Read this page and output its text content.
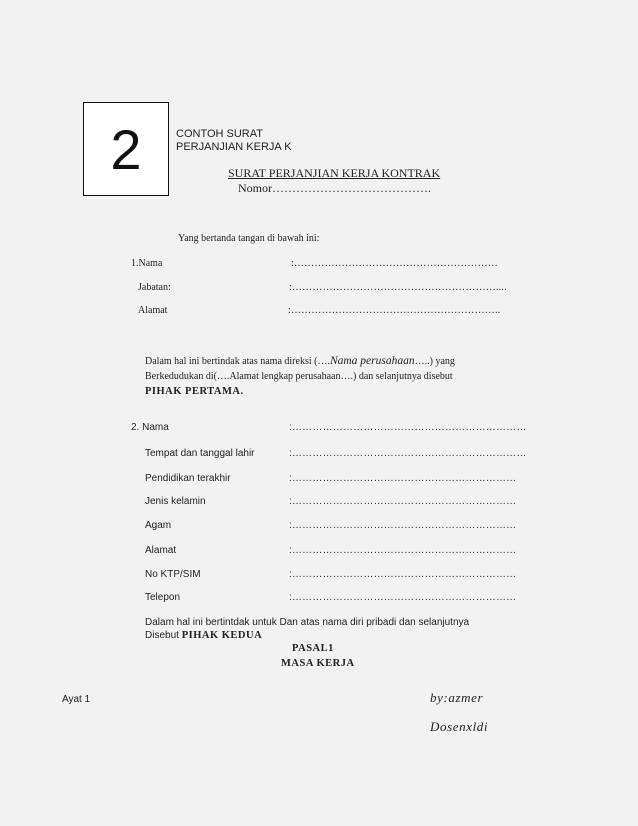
2	CONTOH SURAT
PERJANJIAN KERJA K
SURAT PERJANJIAN KERJA KONTRAK
Nomor………………………………….
Yang bertanda tangan di bawah ini:
1.Nama	:……………………………………………………
Jabatan:	:……………………………………………………....
Alamat	:……………………………………………………..
Dalam hal ini bertindak atas nama direksi (….Nama perusahaan…..) yang
Berkedudukan di(….Alamat lengkap perusahaan….) dan selanjutnya disebut
PIHAK PERTAMA.
2. Nama	:……………………………………………………………
Tempat dan tanggal lahir	:……………………………………………………………
Pendidikan terakhir	:…………………………………………………………
Jenis kelamin	:…………………………………………………………
Agam	:…………………………………………………………
Alamat	:…………………………………………………………
No KTP/SIM	:…………………………………………………………
Telepon	:…………………………………………………………
Dalam hal ini bertintdak untuk Dan atas nama diri pribadi dan selanjutnya
Disebut PIHAK KEDUA
PASAL1
MASA KERJA
Ayat 1	by:azmer
Dosenxldi
